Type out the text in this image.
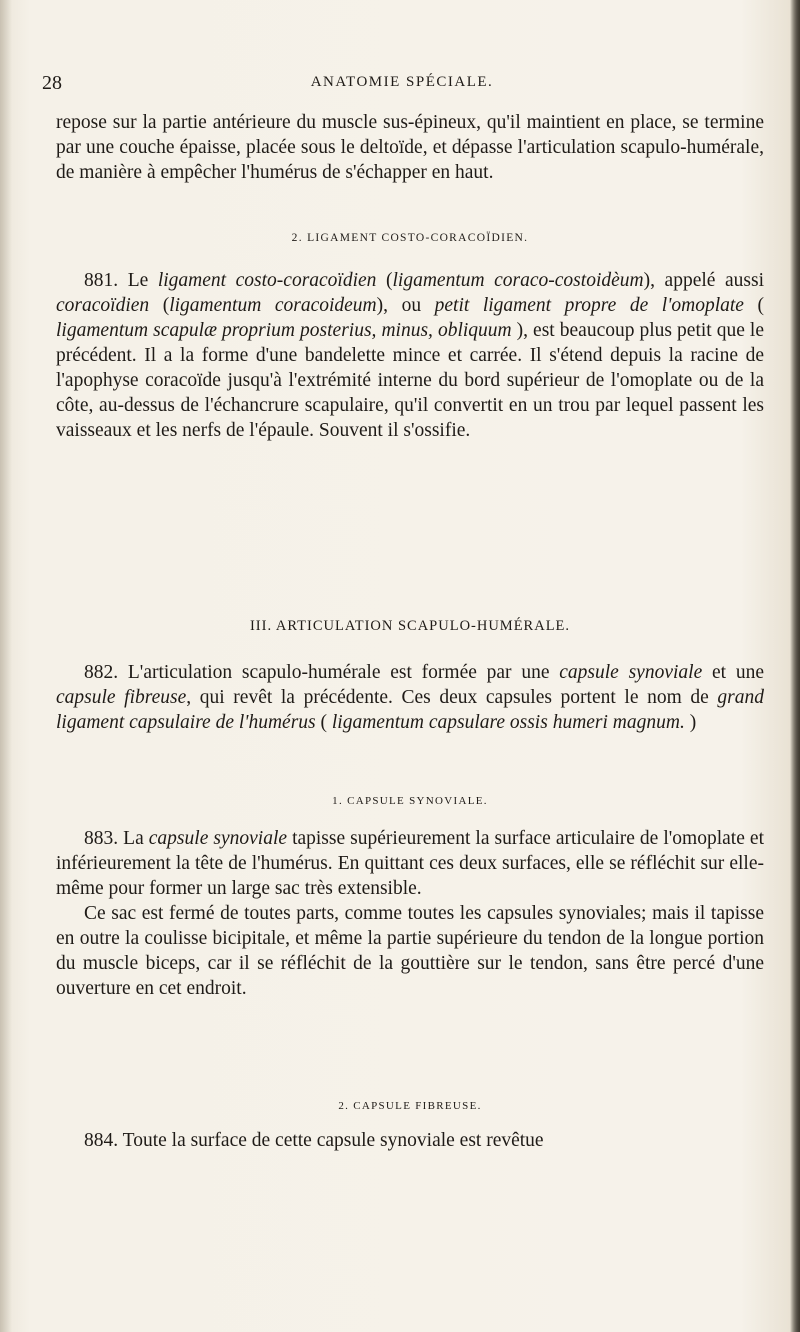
28	ANATOMIE SPÉCIALE.

repose sur la partie antérieure du muscle sus-épineux, qu'il maintient en place, se termine par une couche épaisse, placée sous le deltoïde, et dépasse l'articulation scapulo-humérale, de manière à empêcher l'humérus de s'échapper en haut.

2. LIGAMENT COSTO-CORACOÏDIEN.

881. Le ligament costo-coracoïdien (ligamentum coraco-costoidèum), appelé aussi coracoïdien (ligamentum coracoideum), ou petit ligament propre de l'omoplate ( ligamentum scapulæ proprium posterius, minus, obliquum ), est beaucoup plus petit que le précédent. Il a la forme d'une bandelette mince et carrée. Il s'étend depuis la racine de l'apophyse coracoïde jusqu'à l'extrémité interne du bord supérieur de l'omoplate ou de la côte, au-dessus de l'échancrure scapulaire, qu'il convertit en un trou par lequel passent les vaisseaux et les nerfs de l'épaule. Souvent il s'ossifie.

III. ARTICULATION SCAPULO-HUMÉRALE.

882. L'articulation scapulo-humérale est formée par une capsule synoviale et une capsule fibreuse, qui revêt la précédente. Ces deux capsules portent le nom de grand ligament capsulaire de l'humérus ( ligamentum capsulare ossis humeri magnum. )

1. CAPSULE SYNOVIALE.

883. La capsule synoviale tapisse supérieurement la surface articulaire de l'omoplate et inférieurement la tête de l'humérus. En quittant ces deux surfaces, elle se réfléchit sur elle-même pour former un large sac très extensible.

Ce sac est fermé de toutes parts, comme toutes les capsules synoviales; mais il tapisse en outre la coulisse bicipitale, et même la partie supérieure du tendon de la longue portion du muscle biceps, car il se réfléchit de la gouttière sur le tendon, sans être percé d'une ouverture en cet endroit.

2. CAPSULE FIBREUSE.

884. Toute la surface de cette capsule synoviale est revêtue
